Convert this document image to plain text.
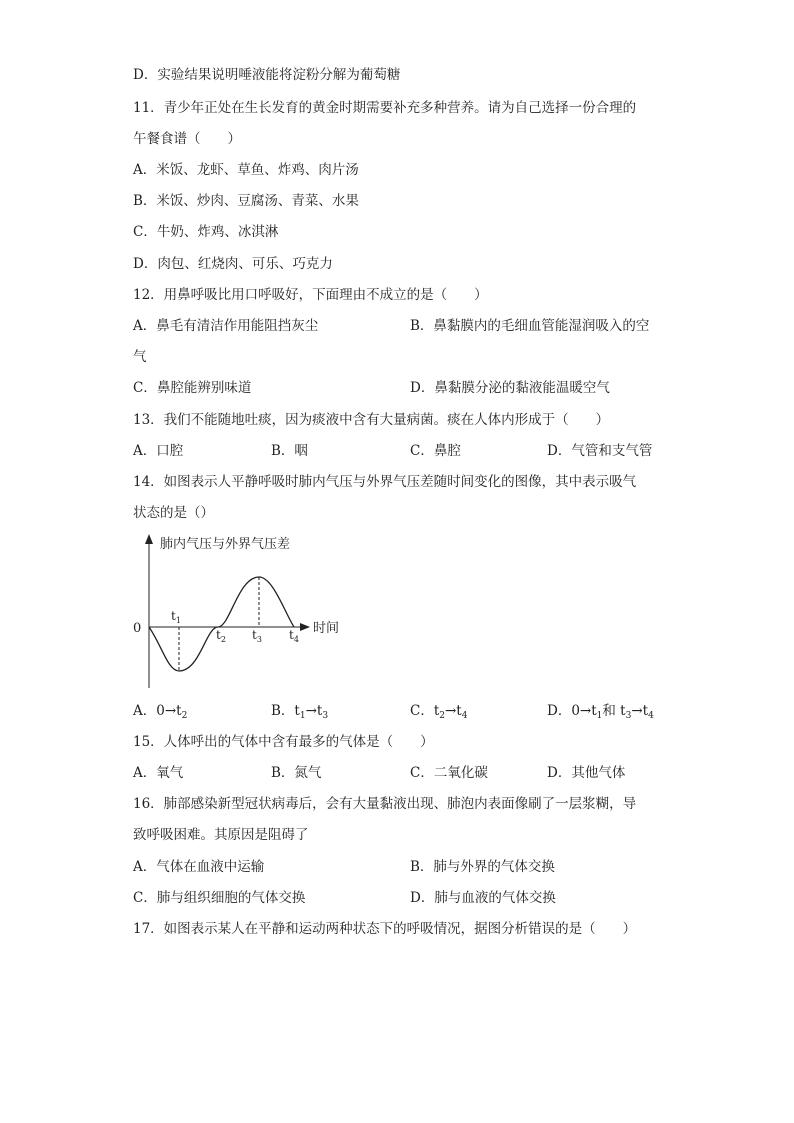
D．实验结果说明唾液能将淀粉分解为葡萄糖
11．青少年正处在生长发育的黄金时期需要补充多种营养。请为自己选择一份合理的
午餐食谱（　　）
A．米饭、龙虾、草鱼、炸鸡、肉片汤
B．米饭、炒肉、豆腐汤、青菜、水果
C．牛奶、炸鸡、冰淇淋
D．肉包、红烧肉、可乐、巧克力
12．用鼻呼吸比用口呼吸好，下面理由不成立的是（　　）
A．鼻毛有清洁作用能阻挡灰尘	B．鼻黏膜内的毛细血管能湿润吸入的空
气
C．鼻腔能辨别味道	D．鼻黏膜分泌的黏液能温暖空气
13．我们不能随地吐痰，因为痰液中含有大量病菌。痰在人体内形成于（　　）
A．口腔	B．咽	C．鼻腔	D．气管和支气管
14．如图表示人平静呼吸时肺内气压与外界气压差随时间变化的图像，其中表示吸气
状态的是（）
肺内气压与外界气压差
时间
0
$t_1$
$t_2$ $t_3$ $t_4$
A．$0\to t_2$	B．$t_1\to t_3$	C．$t_2\to t_4$	D．$0\to t_1$和 $t_3\to t_4$
15．人体呼出的气体中含有最多的气体是（　　）
A．氧气	B．氮气	C．二氧化碳	D．其他气体
16．肺部感染新型冠状病毒后，会有大量黏液出现、肺泡内表面像刷了一层浆糊，导
致呼吸困难。其原因是阻碍了
A．气体在血液中运输	B．肺与外界的气体交换
C．肺与组织细胞的气体交换	D．肺与血液的气体交换
17．如图表示某人在平静和运动两种状态下的呼吸情况，据图分析错误的是（　　）
